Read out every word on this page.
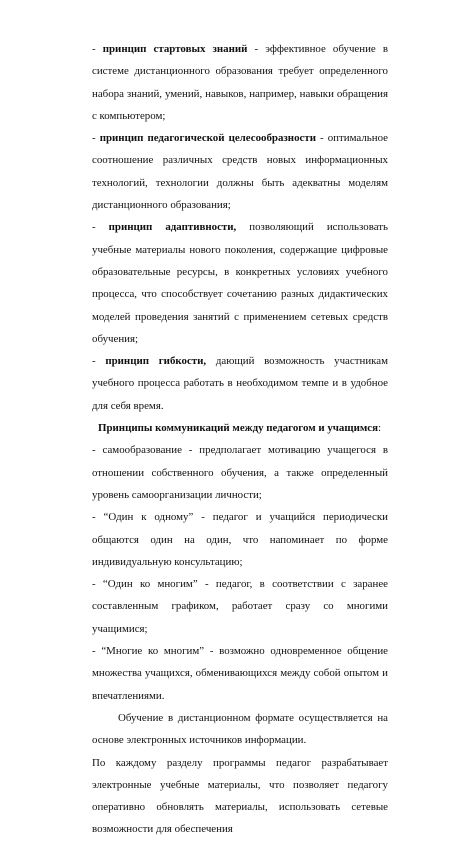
- принцип стартовых знаний - эффективное обучение в системе дистанционного образования требует определенного набора знаний, умений, навыков, например, навыки обращения с компьютером;

- принцип педагогической целесообразности - оптимальное соотношение различных средств новых информационных технологий, технологии должны быть адекватны моделям дистанционного образования;

- принцип адаптивности, позволяющий использовать учебные материалы нового поколения, содержащие цифровые образовательные ресурсы, в конкретных условиях учебного процесса, что способствует сочетанию разных дидактических моделей проведения занятий с применением сетевых средств обучения;

- принцип гибкости, дающий возможность участникам учебного процесса работать в необходимом темпе и в удобное для себя время.

Принципы коммуникаций между педагогом и учащимся:

- самообразование - предполагает мотивацию учащегося в отношении собственного обучения, а также определенный уровень самоорганизации личности;

- “Один к одному” - педагог и учащийся периодически общаются один на один, что напоминает по форме индивидуальную консультацию;

- “Один ко многим” - педагог, в соответствии с заранее составленным графиком, работает сразу со многими учащимися;

- “Многие ко многим” - возможно одновременное общение множества учащихся, обменивающихся между собой опытом и впечатлениями.

Обучение в дистанционном формате осуществляется на основе электронных источников информации.

По каждому разделу программы педагог разрабатывает электронные учебные материалы, что позволяет педагогу оперативно обновлять материалы, использовать сетевые возможности для обеспечения
